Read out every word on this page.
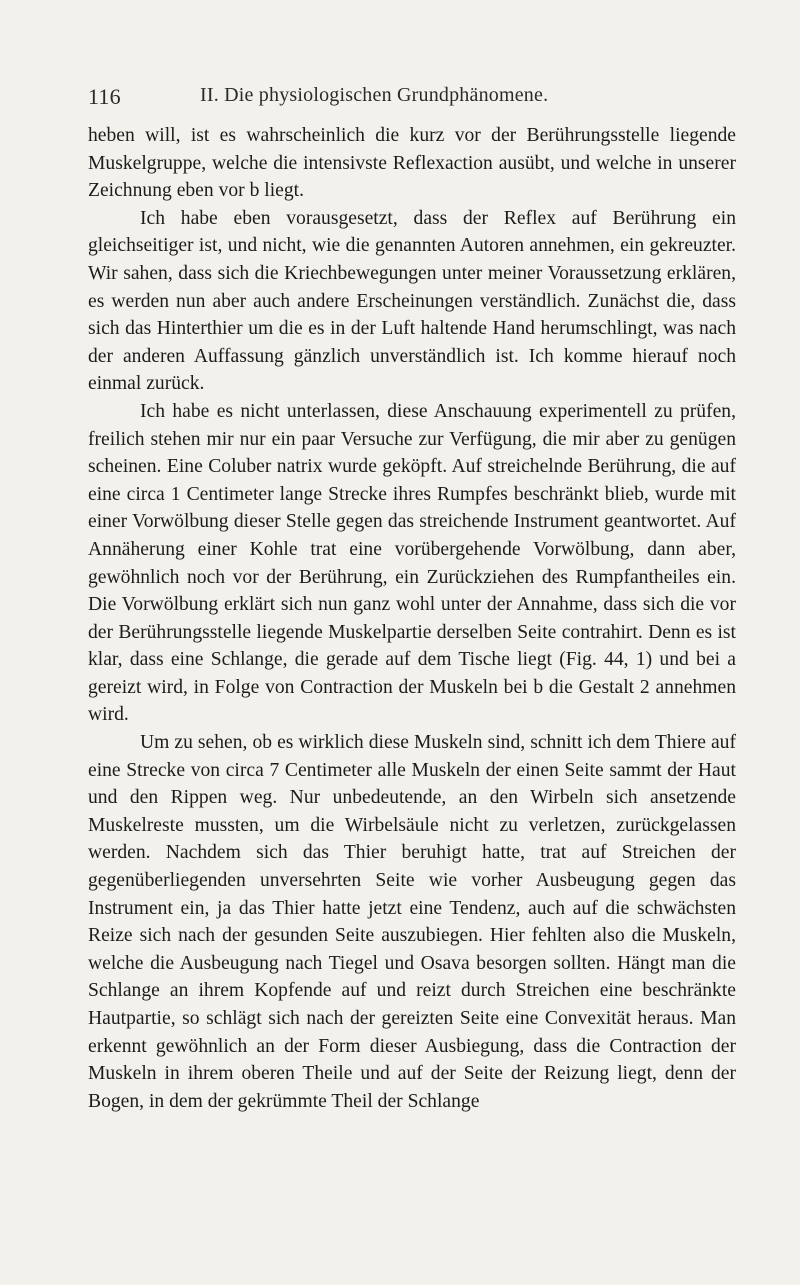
116	II. Die physiologischen Grundphänomene.

heben will, ist es wahrscheinlich die kurz vor der Berührungsstelle liegende Muskelgruppe, welche die intensivste Reflexaction ausübt, und welche in unserer Zeichnung eben vor b liegt.

Ich habe eben vorausgesetzt, dass der Reflex auf Berührung ein gleichseitiger ist, und nicht, wie die genannten Autoren annehmen, ein gekreuzter. Wir sahen, dass sich die Kriechbewegungen unter meiner Voraussetzung erklären, es werden nun aber auch andere Erscheinungen verständlich. Zunächst die, dass sich das Hinterthier um die es in der Luft haltende Hand herumschlingt, was nach der anderen Auffassung gänzlich unverständlich ist. Ich komme hierauf noch einmal zurück.

Ich habe es nicht unterlassen, diese Anschauung experimentell zu prüfen, freilich stehen mir nur ein paar Versuche zur Verfügung, die mir aber zu genügen scheinen. Eine Coluber natrix wurde geköpft. Auf streichelnde Berührung, die auf eine circa 1 Centimeter lange Strecke ihres Rumpfes beschränkt blieb, wurde mit einer Vorwölbung dieser Stelle gegen das streichende Instrument geantwortet. Auf Annäherung einer Kohle trat eine vorübergehende Vorwölbung, dann aber, gewöhnlich noch vor der Berührung, ein Zurückziehen des Rumpfantheiles ein. Die Vorwölbung erklärt sich nun ganz wohl unter der Annahme, dass sich die vor der Berührungsstelle liegende Muskelpartie derselben Seite contrahirt. Denn es ist klar, dass eine Schlange, die gerade auf dem Tische liegt (Fig. 44, 1) und bei a gereizt wird, in Folge von Contraction der Muskeln bei b die Gestalt 2 annehmen wird.

Um zu sehen, ob es wirklich diese Muskeln sind, schnitt ich dem Thiere auf eine Strecke von circa 7 Centimeter alle Muskeln der einen Seite sammt der Haut und den Rippen weg. Nur unbedeutende, an den Wirbeln sich ansetzende Muskelreste mussten, um die Wirbelsäule nicht zu verletzen, zurückgelassen werden. Nachdem sich das Thier beruhigt hatte, trat auf Streichen der gegenüberliegenden unversehrten Seite wie vorher Ausbeugung gegen das Instrument ein, ja das Thier hatte jetzt eine Tendenz, auch auf die schwächsten Reize sich nach der gesunden Seite auszubiegen. Hier fehlten also die Muskeln, welche die Ausbeugung nach Tiegel und Osava besorgen sollten. Hängt man die Schlange an ihrem Kopfende auf und reizt durch Streichen eine beschränkte Hautpartie, so schlägt sich nach der gereizten Seite eine Convexität heraus. Man erkennt gewöhnlich an der Form dieser Ausbiegung, dass die Contraction der Muskeln in ihrem oberen Theile und auf der Seite der Reizung liegt, denn der Bogen, in dem der gekrümmte Theil der Schlange
